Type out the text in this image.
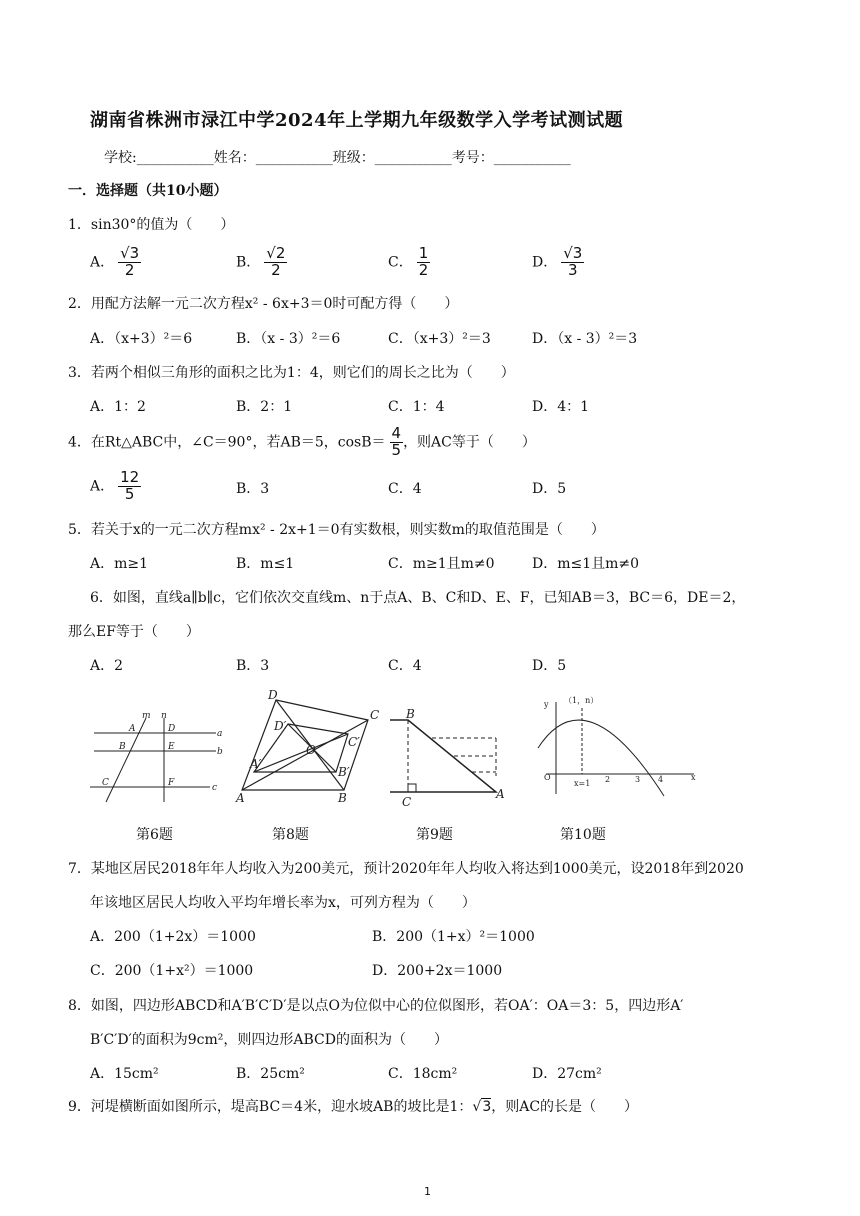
湖南省株洲市渌江中学2024年上学期九年级数学入学考试测试题
学校:___________姓名：___________班级：___________考号：___________
一．选择题（共10小题）
1．sin30°的值为（　　）
A． $\frac{√3}{2}$	B． $\frac{√2}{2}$	C． $\frac{1}{2}$	D． $\frac{√3}{3}$
2．用配方法解一元二次方程x² - 6x+3＝0时可配方得（　　）
A．（x+3）²＝6	B．（x - 3）²＝6	C．（x+3）²＝3	D．（x - 3）²＝3
3．若两个相似三角形的面积之比为1：4，则它们的周长之比为（　　）
A．1：2	B．2：1	C．1：4	D．4：1
4．在Rt△ABC中，∠C＝90°，若AB＝5，$\cos B= \frac{4}{5}$ ，则AC等于（　　）
A． $\frac{12}{5}$	B．3	C．4	D．5
5．若关于x的一元二次方程mx² - 2x+1＝0有实数根，则实数m的取值范围是（　　）
A．m≥1	B．m≤1	C．m≥1且m≠0	D．m≤1且m≠0
6．如图，直线a∥b∥c，它们依次交直线m、n于点A、B、C和D、E、F，已知AB＝3，BC＝6，DE＝2，
那么EF等于（　　）
A．2	B．3	C．4	D．5
m n
A
B
C
D
E
F
a
b
c
D
C
A	B
D′
C′
A′
B′
O
B
C
A
y （1，n）
O
x=1 2	3 4	x
第6题	第8题	第9题	第10题
7．某地区居民2018年年人均收入为200美元，预计2020年年人均收入将达到1000美元，设2018年到2020
年该地区居民人均收入平均年增长率为x，可列方程为（　　）
A．200（1+2x）＝1000	B．200（1+x）²＝1000
C．200（1+x²）＝1000	D．200+2x＝1000
8．如图，四边形ABCD和A′B′C′D′是以点O为位似中心的位似图形，若OA′：OA＝3：5，四边形A′
B′C′D′的面积为9cm²，则四边形ABCD的面积为（　　）
A．15cm²	B．25cm²	C．18cm²	D．27cm²
9．河堤横断面如图所示，堤高BC＝4米，迎水坡AB的坡比是1：√3，则AC的长是（　　）
1
